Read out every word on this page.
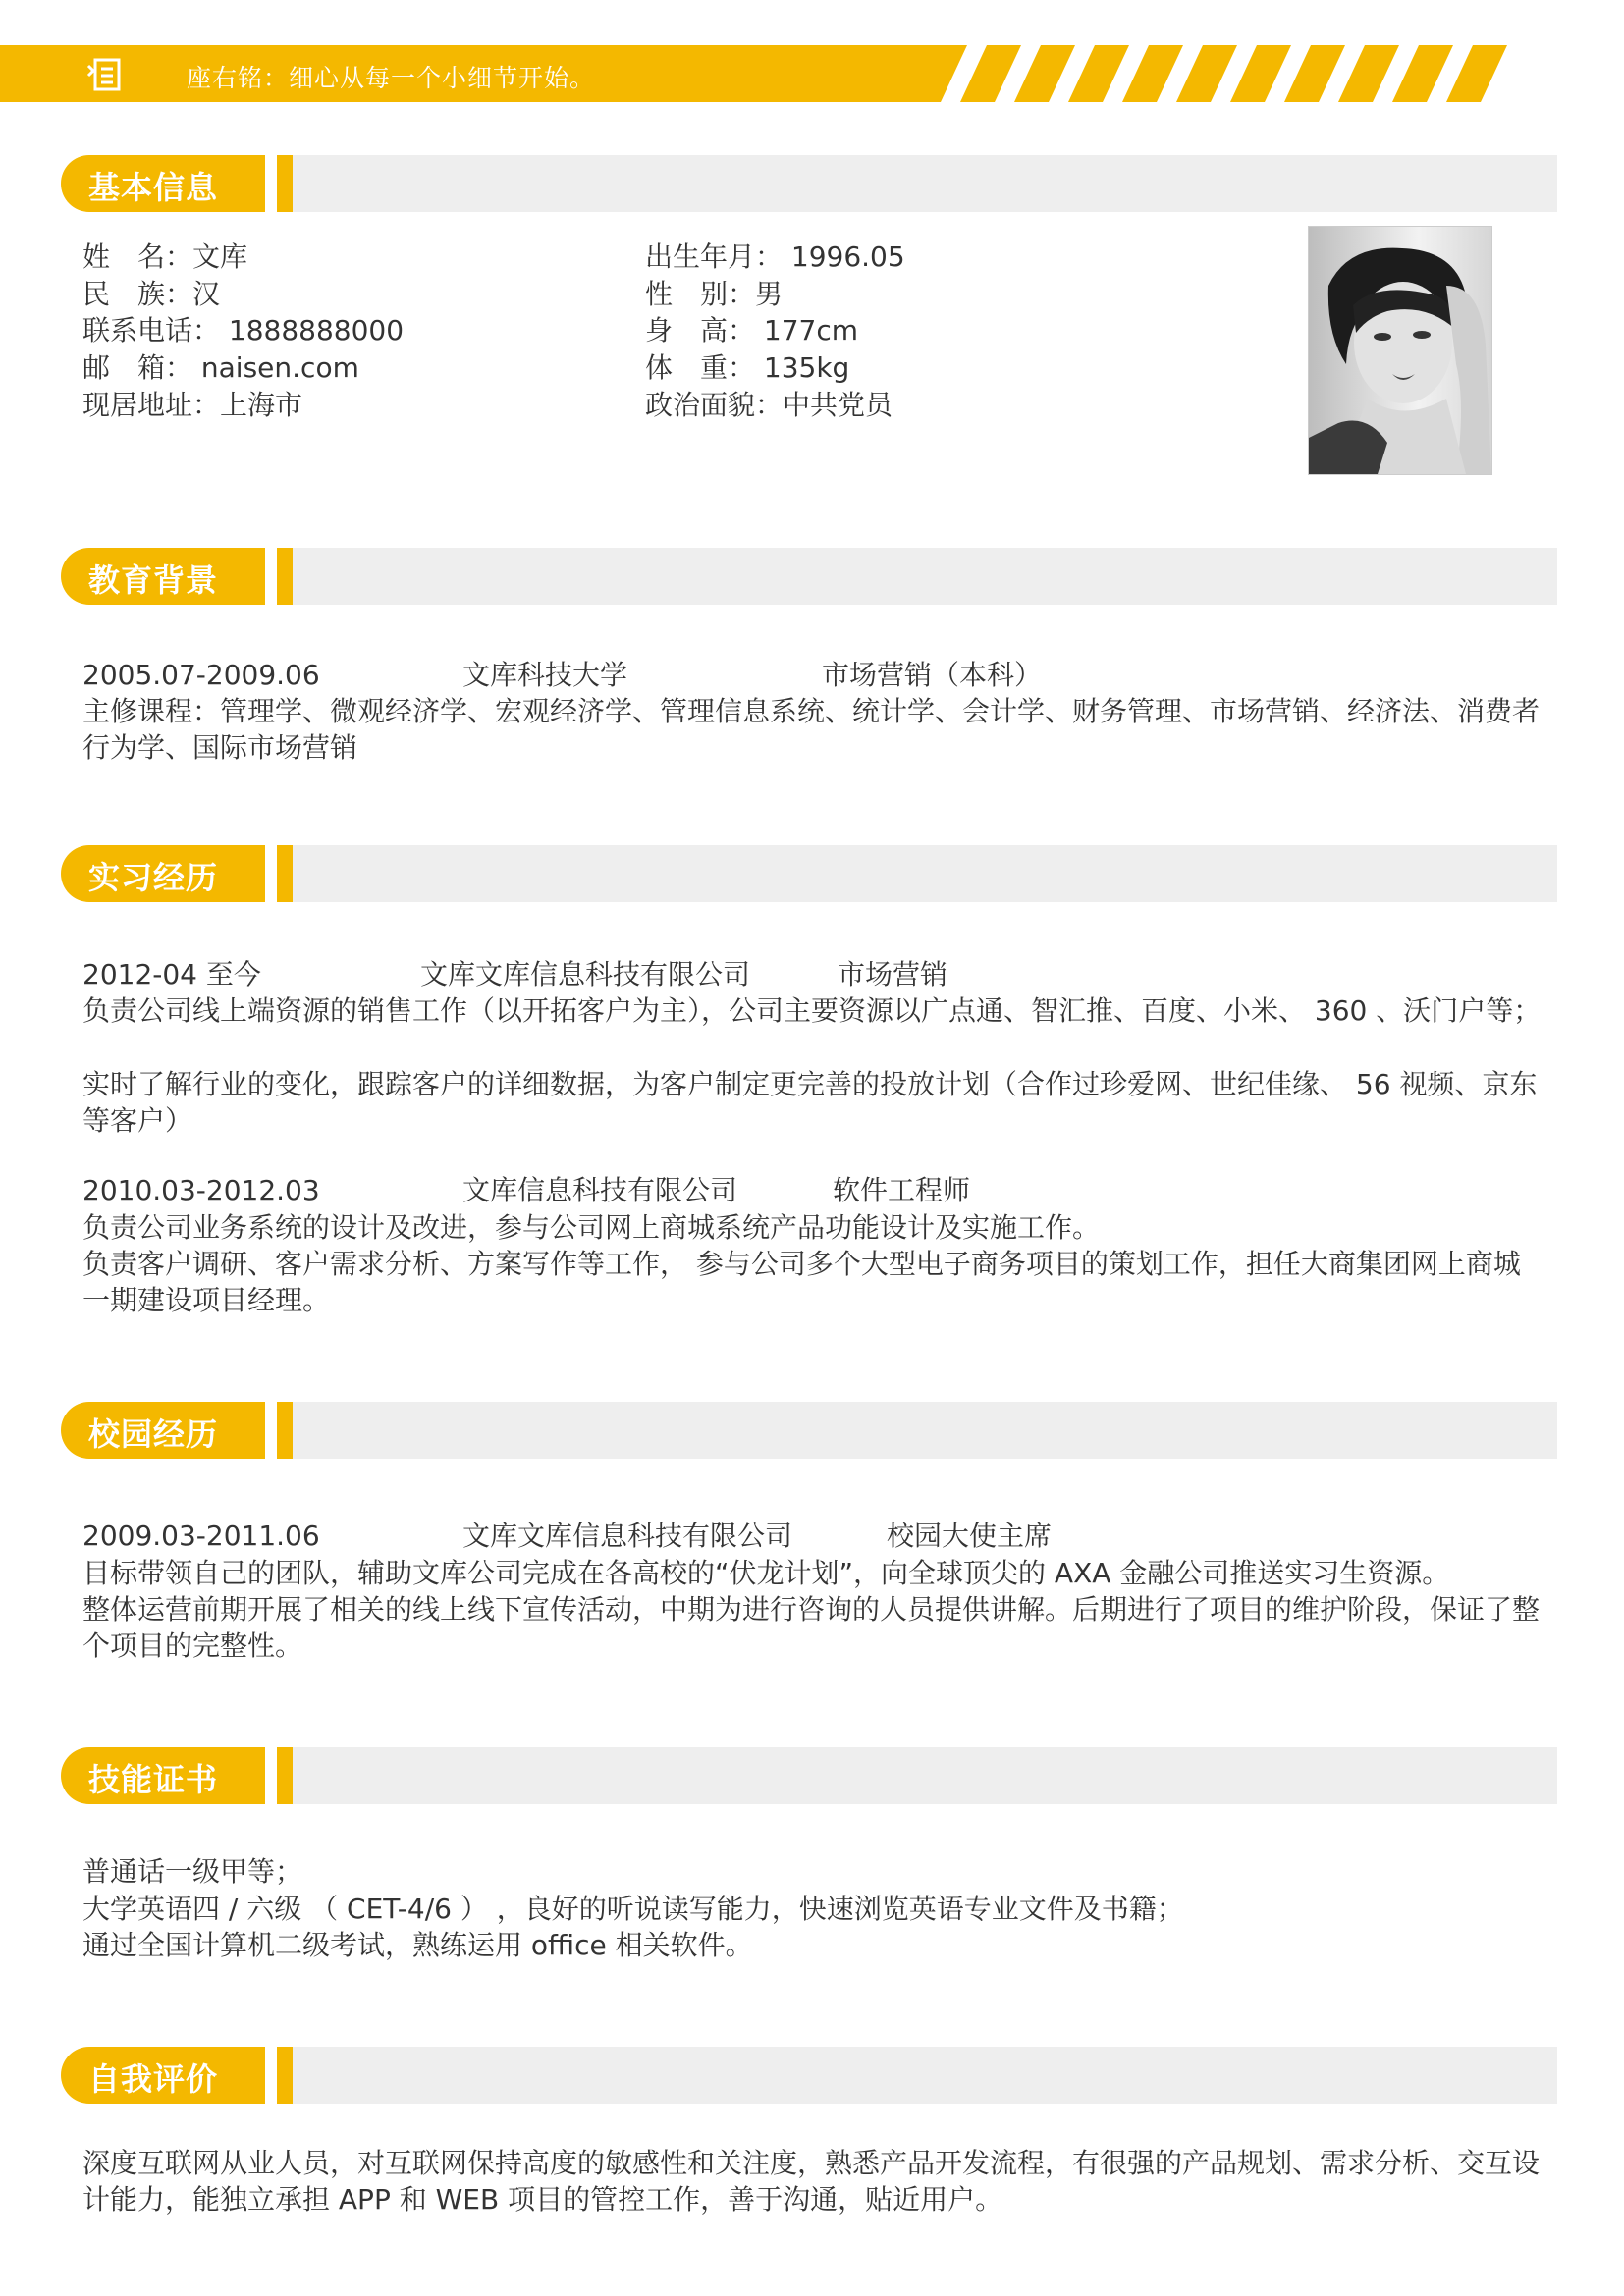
座右铭：细心从每一个小细节开始。
基本信息
姓　名：文库
民　族：汉
联系电话： 1888888000
邮　箱： naisen.com
现居地址：上海市
出生年月： 1996.05
性　别：男
身　高： 177cm
体　重： 135kg
政治面貌：中共党员
教育背景
2005.07-2009.06	文库科技大学	市场营销（本科）
主修课程：管理学、微观经济学、宏观经济学、管理信息系统、统计学、会计学、财务管理、市场营销、经济法、消费者行为学、国际市场营销
实习经历
2012-04 至今	文库文库信息科技有限公司	市场营销
负责公司线上端资源的销售工作（以开拓客户为主），公司主要资源以广点通、智汇推、百度、小米、 360 、沃门户等；
实时了解行业的变化，跟踪客户的详细数据，为客户制定更完善的投放计划（合作过珍爱网、世纪佳缘、 56 视频、京东等客户）
2010.03-2012.03	文库信息科技有限公司	软件工程师
负责公司业务系统的设计及改进，参与公司网上商城系统产品功能设计及实施工作。
负责客户调研、客户需求分析、方案写作等工作， 参与公司多个大型电子商务项目的策划工作，担任大商集团网上商城一期建设项目经理。
校园经历
2009.03-2011.06	文库文库信息科技有限公司	校园大使主席
目标带领自己的团队，辅助文库公司完成在各高校的“伏龙计划”，向全球顶尖的 AXA 金融公司推送实习生资源。
整体运营前期开展了相关的线上线下宣传活动，中期为进行咨询的人员提供讲解。后期进行了项目的维护阶段，保证了整个项目的完整性。
技能证书
普通话一级甲等；
大学英语四 / 六级 （ CET-4/6 ） ，良好的听说读写能力，快速浏览英语专业文件及书籍；
通过全国计算机二级考试，熟练运用 office 相关软件。
自我评价
深度互联网从业人员，对互联网保持高度的敏感性和关注度，熟悉产品开发流程，有很强的产品规划、需求分析、交互设计能力，能独立承担 APP 和 WEB 项目的管控工作，善于沟通，贴近用户。
